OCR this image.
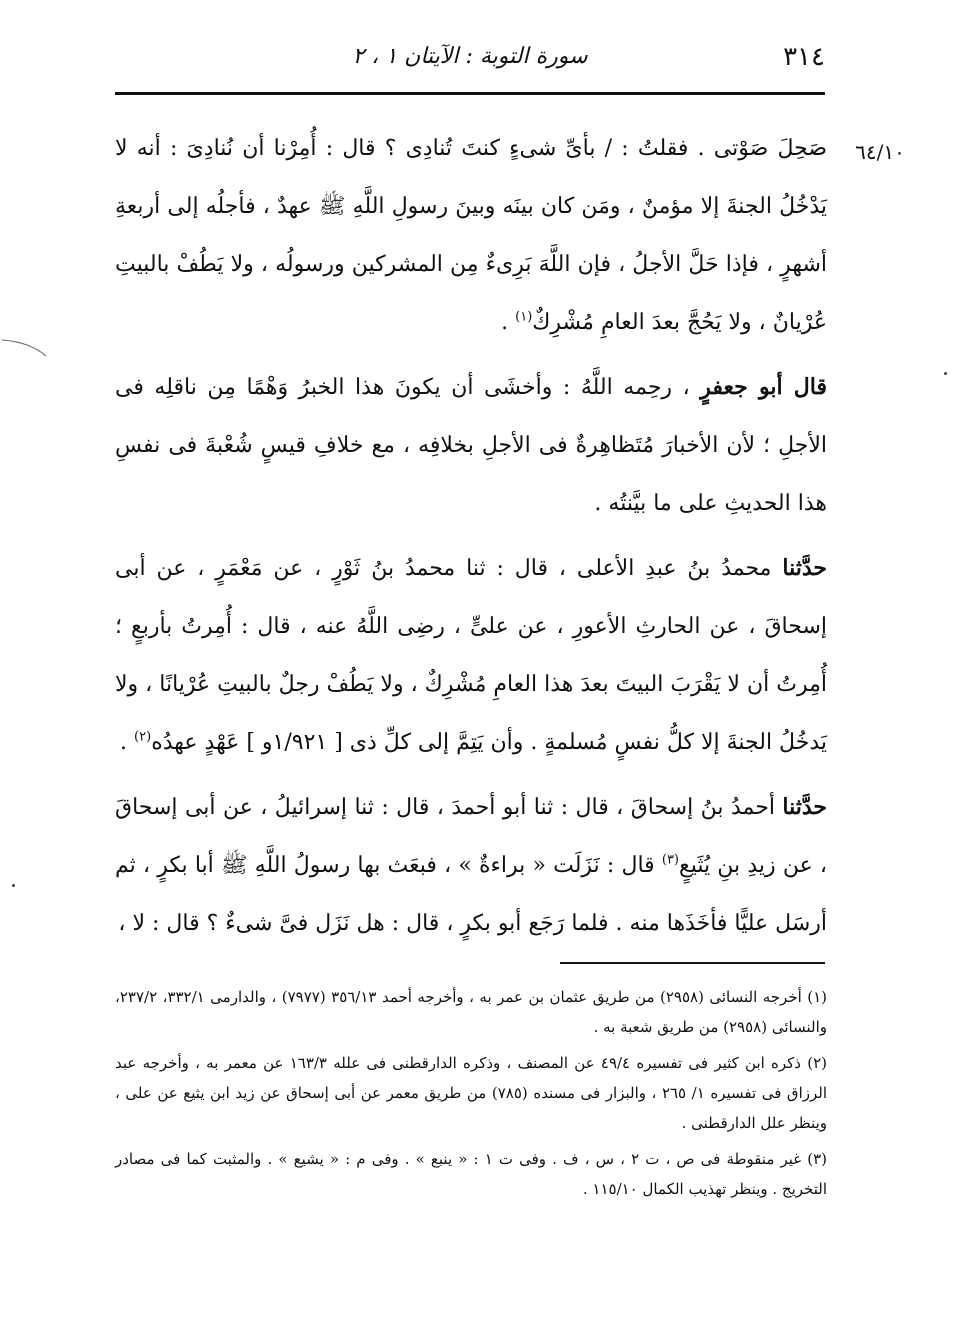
٣١٤
سورة التوبة : الآيتان ١ ، ٢
٦٤/١٠

صَحِلَ صَوْتى . فقلتُ : / بأىِّ شىءٍ كنتَ تُنادِى ؟ قال : أُمِرْنا أن نُنادِىَ : أنه لا يَدْخُلُ الجنةَ إلا مؤمنٌ ، ومَن كان بينَه وبينَ رسولِ اللَّهِ ﷺ عهدٌ ، فأجلُه إلى أربعةِ أشهرٍ ، فإذا حَلَّ الأجلُ ، فإن اللَّهَ بَرِىءٌ مِن المشركين ورسولُه ، ولا يَطُفْ بالبيتِ عُرْيانٌ ، ولا يَحُجَّ بعدَ العامِ مُشْرِكٌ$^{(١)}$ .

قال أبو جعفرٍ ، رحِمه اللَّهُ : وأخشَى أن يكونَ هذا الخبرُ وَهْمًا مِن ناقلِه فى الأجلِ ؛ لأن الأخبارَ مُتَظاهِرةٌ فى الأجلِ بخلافِه ، مع خلافِ قيسٍ شُعْبةَ فى نفسِ هذا الحديثِ على ما بيَّنتُه .

حدَّثنا محمدُ بنُ عبدِ الأعلى ، قال : ثنا محمدُ بنُ ثَوْرٍ ، عن مَعْمَرٍ ، عن أبى إسحاقَ ، عن الحارثِ الأعورِ ، عن علىٍّ ، رضِى اللَّهُ عنه ، قال : أُمِرتُ بأربعٍ ؛ أُمِرتُ أن لا يَقْرَبَ البيتَ بعدَ هذا العامِ مُشْرِكٌ ، ولا يَطُفْ رجلٌ بالبيتِ عُرْيانًا ، ولا يَدخُلُ الجنةَ إلا كلُّ نفسٍ مُسلمةٍ . وأن يَتِمَّ إلى كلِّ ذى [ ١/٩٢١و ] عَهْدٍ عهدُه$^{(٢)}$ .

حدَّثنا أحمدُ بنُ إسحاقَ ، قال : ثنا أبو أحمدَ ، قال : ثنا إسرائيلُ ، عن أبى إسحاقَ ، عن زيدِ بنِ يُثَيعٍ$^{(٣)}$ قال : نَزَلَت « براءةٌ » ، فبعَث بها رسولُ اللَّهِ ﷺ أبا بكرٍ ، ثم أرسَل عليًّا فأخَذَها منه . فلما رَجَع أبو بكرٍ ، قال : هل نَزَل فىَّ شىءٌ ؟ قال : لا ،

(١) أخرجه النسائى (٢٩٥٨) من طريق عثمان بن عمر به ، وأخرجه أحمد ٣٥٦/١٣ (٧٩٧٧) ، والدارمى ٣٣٢/١، ٢٣٧/٢، والنسائى (٢٩٥٨) من طريق شعبة به .

(٢) ذكره ابن كثير فى تفسيره ٤٩/٤ عن المصنف ، وذكره الدارقطنى فى علله ١٦٣/٣ عن معمر به ، وأخرجه عبد الرزاق فى تفسيره ١/ ٢٦٥ ، والبزار فى مسنده (٧٨٥) من طريق معمر عن أبى إسحاق عن زيد ابن يثيع عن على ، وينظر علل الدارقطنى .

(٣) غير منقوطة فى ص ، ت ٢ ، س ، ف . وفى ت ١ : « ينبع » . وفى م : « يشيع » . والمثبت كما فى مصادر التخريج . وينظر تهذيب الكمال ١١٥/١٠ .
